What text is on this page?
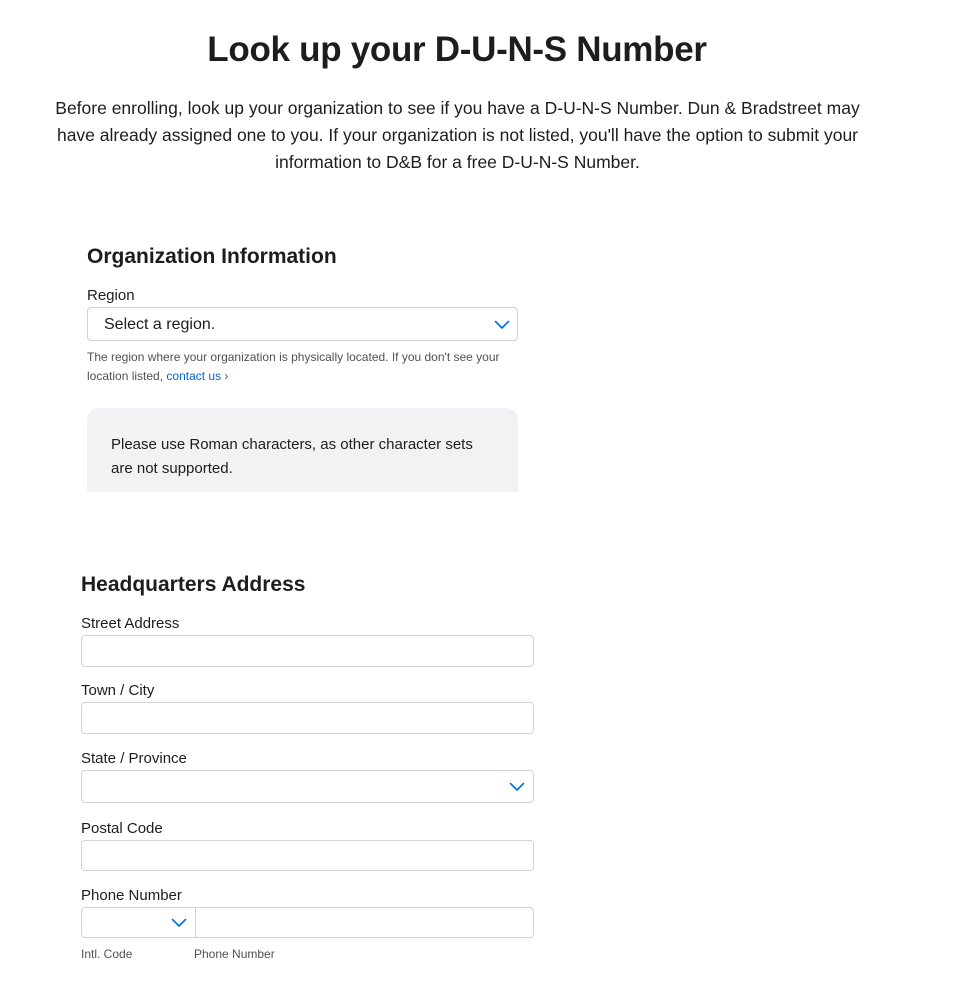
Look up your D-U-N-S Number

Before enrolling, look up your organization to see if you have a D-U-N-S Number. Dun & Bradstreet may have already assigned one to you. If your organization is not listed, you'll have the option to submit your information to D&B for a free D-U-N-S Number.

Organization Information
Region
Select a region.
The region where your organization is physically located. If you don't see your location listed, contact us ›
Please use Roman characters, as other character sets are not supported.
Headquarters Address
Street Address
Town / City
State / Province
Postal Code
Phone Number
Intl. Code	Phone Number
